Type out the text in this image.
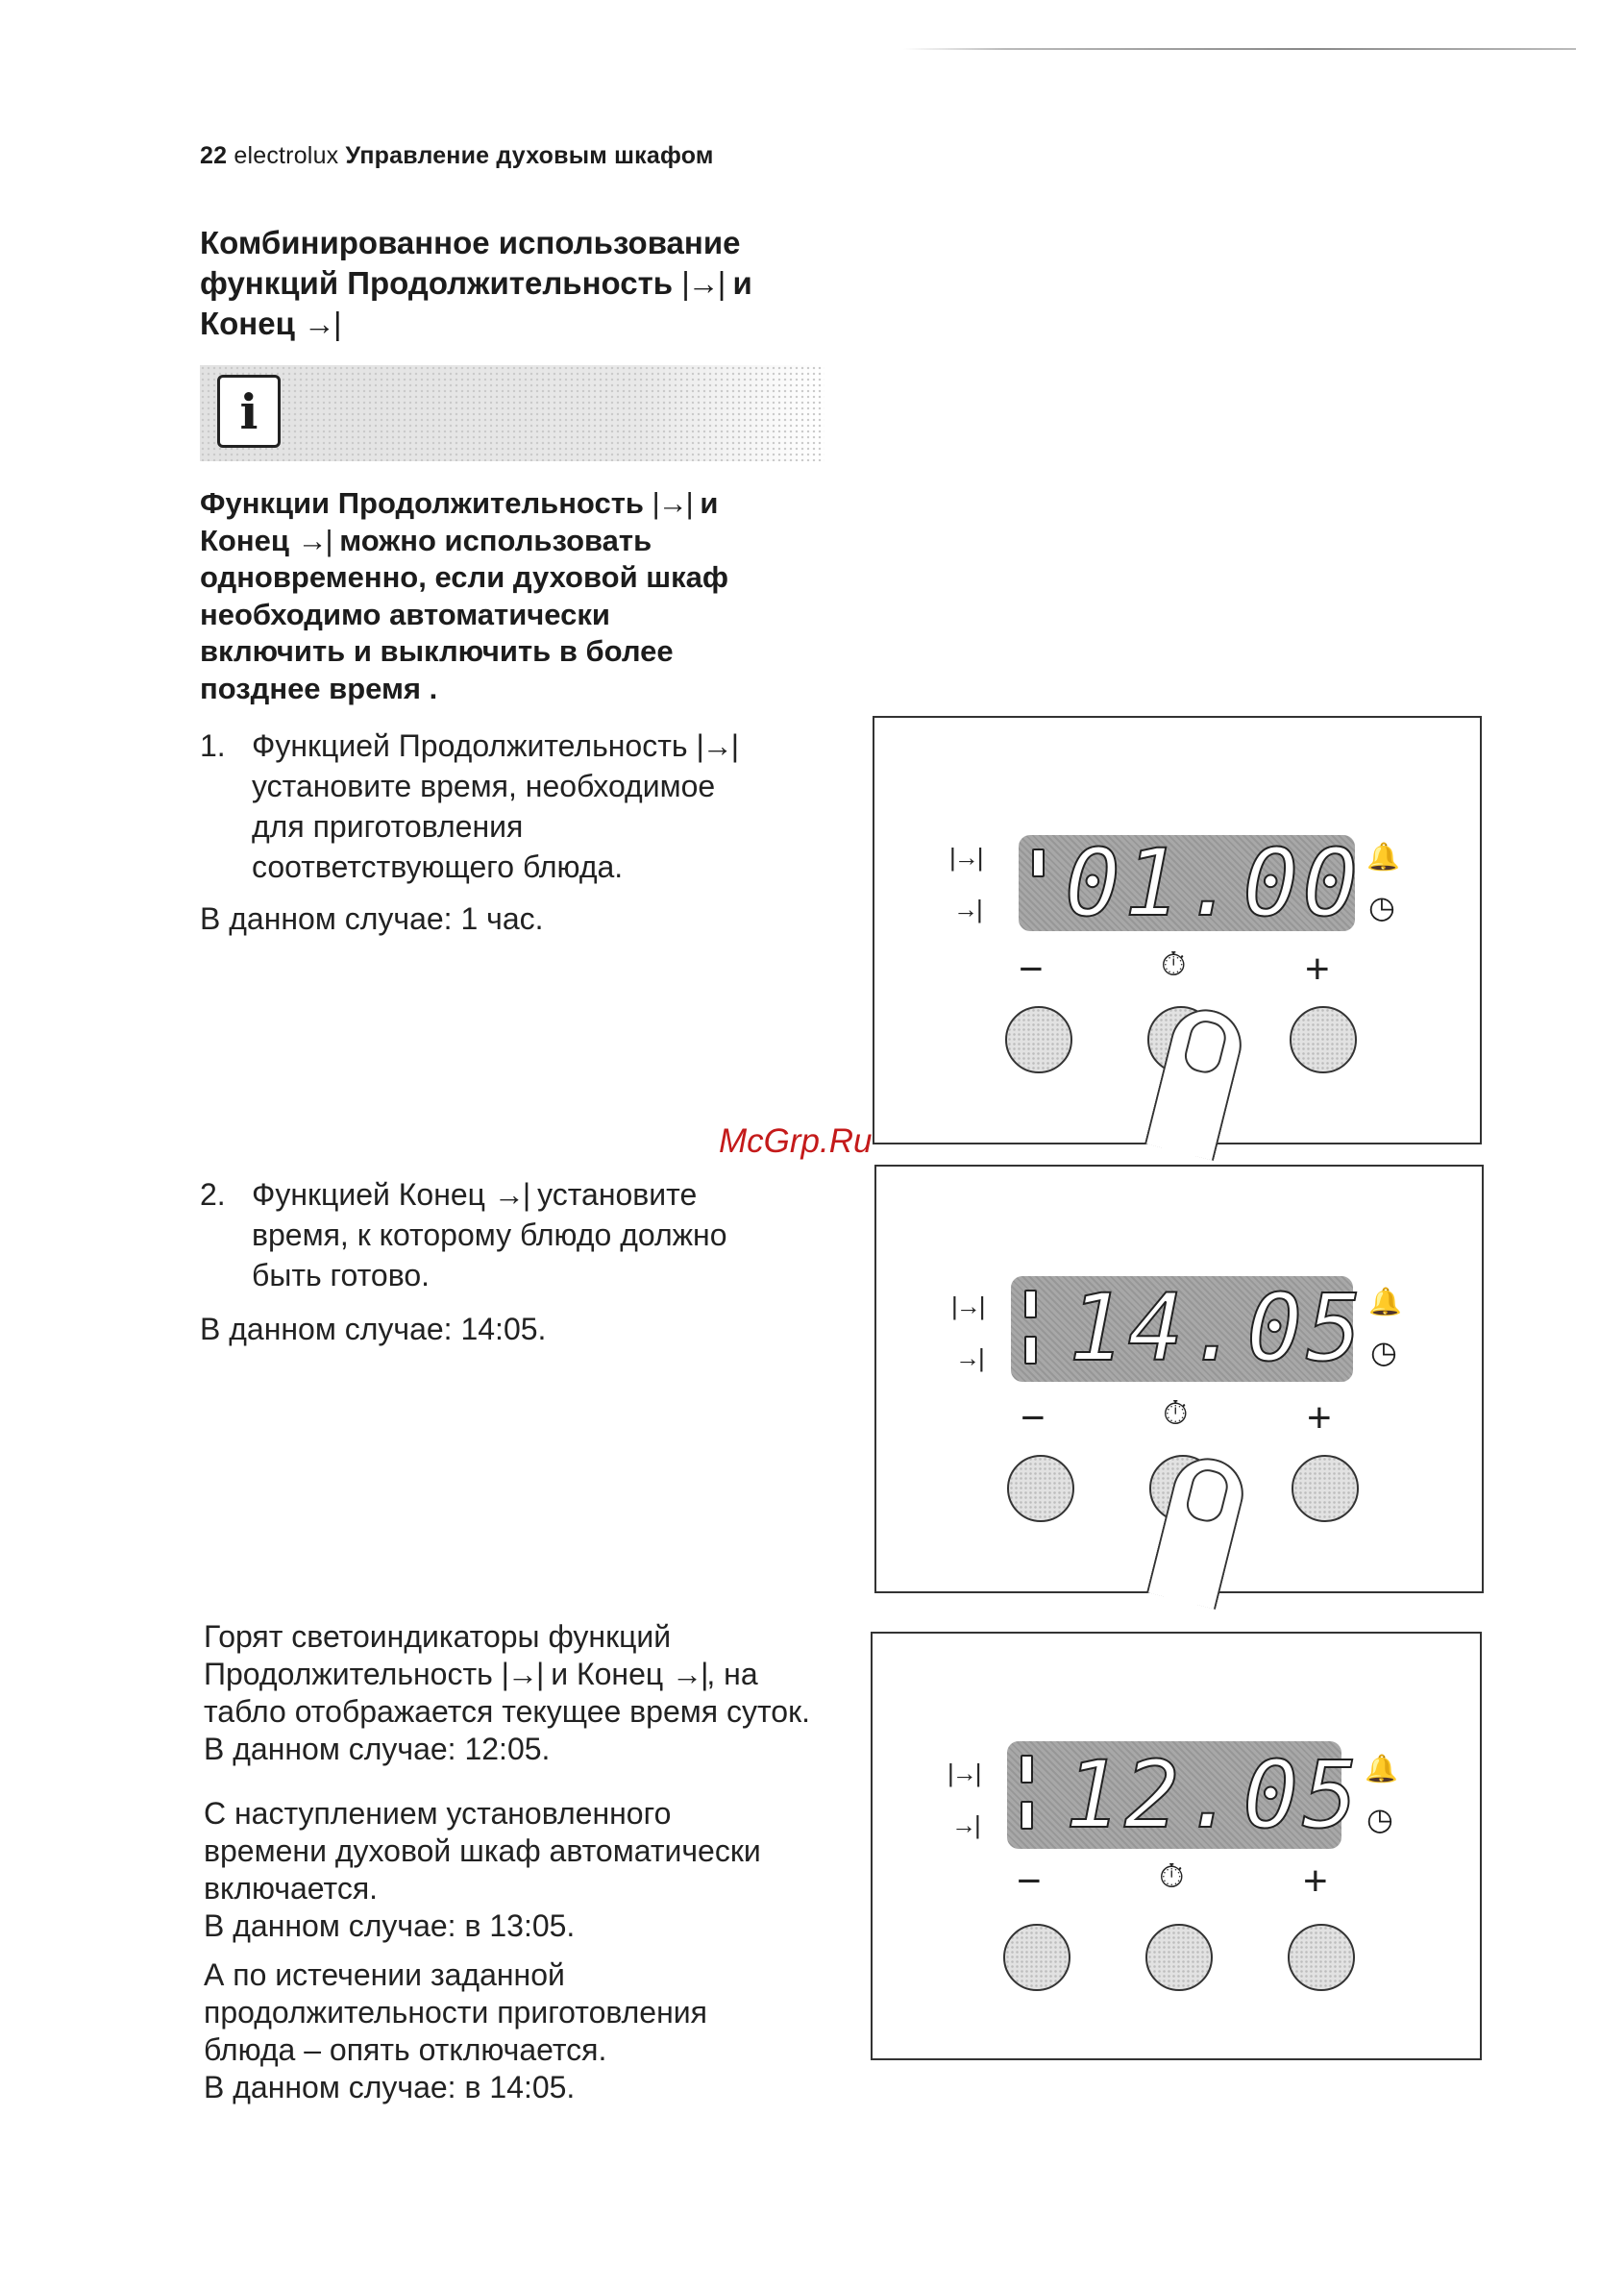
22 electrolux Управление духовым шкафом
Комбинированное использование
функций Продолжительность |→| и
Конец →|
i
Функции Продолжительность |→| и
Конец →| можно использовать
одновременно, если духовой шкаф
необходимо автоматически
включить и выключить в более
позднее время .
1. Функцией Продолжительность |→|
установите время, необходимое
для приготовления
соответствующего блюда.
В данном случае: 1 час.
2. Функцией Конец →| установите
время, к которому блюдо должно
быть готово.
В данном случае: 14:05.
Горят светоиндикаторы функций
Продолжительность |→| и Конец →|, на
табло отображается текущее время суток.
В данном случае: 12:05.
С наступлением установленного
времени духовой шкаф автоматически
включается.
В данном случае: в 13:05.
А по истечении заданной
продолжительности приготовления
блюда – опять отключается.
В данном случае: в 14:05.
|→|
→| 01.00 🔔
◷
−	⏱	+
|→|
→| 14.05 🔔
◷
−	⏱	+
|→|
→| 12.05 🔔
◷
−	⏱	+
McGrp.Ru
